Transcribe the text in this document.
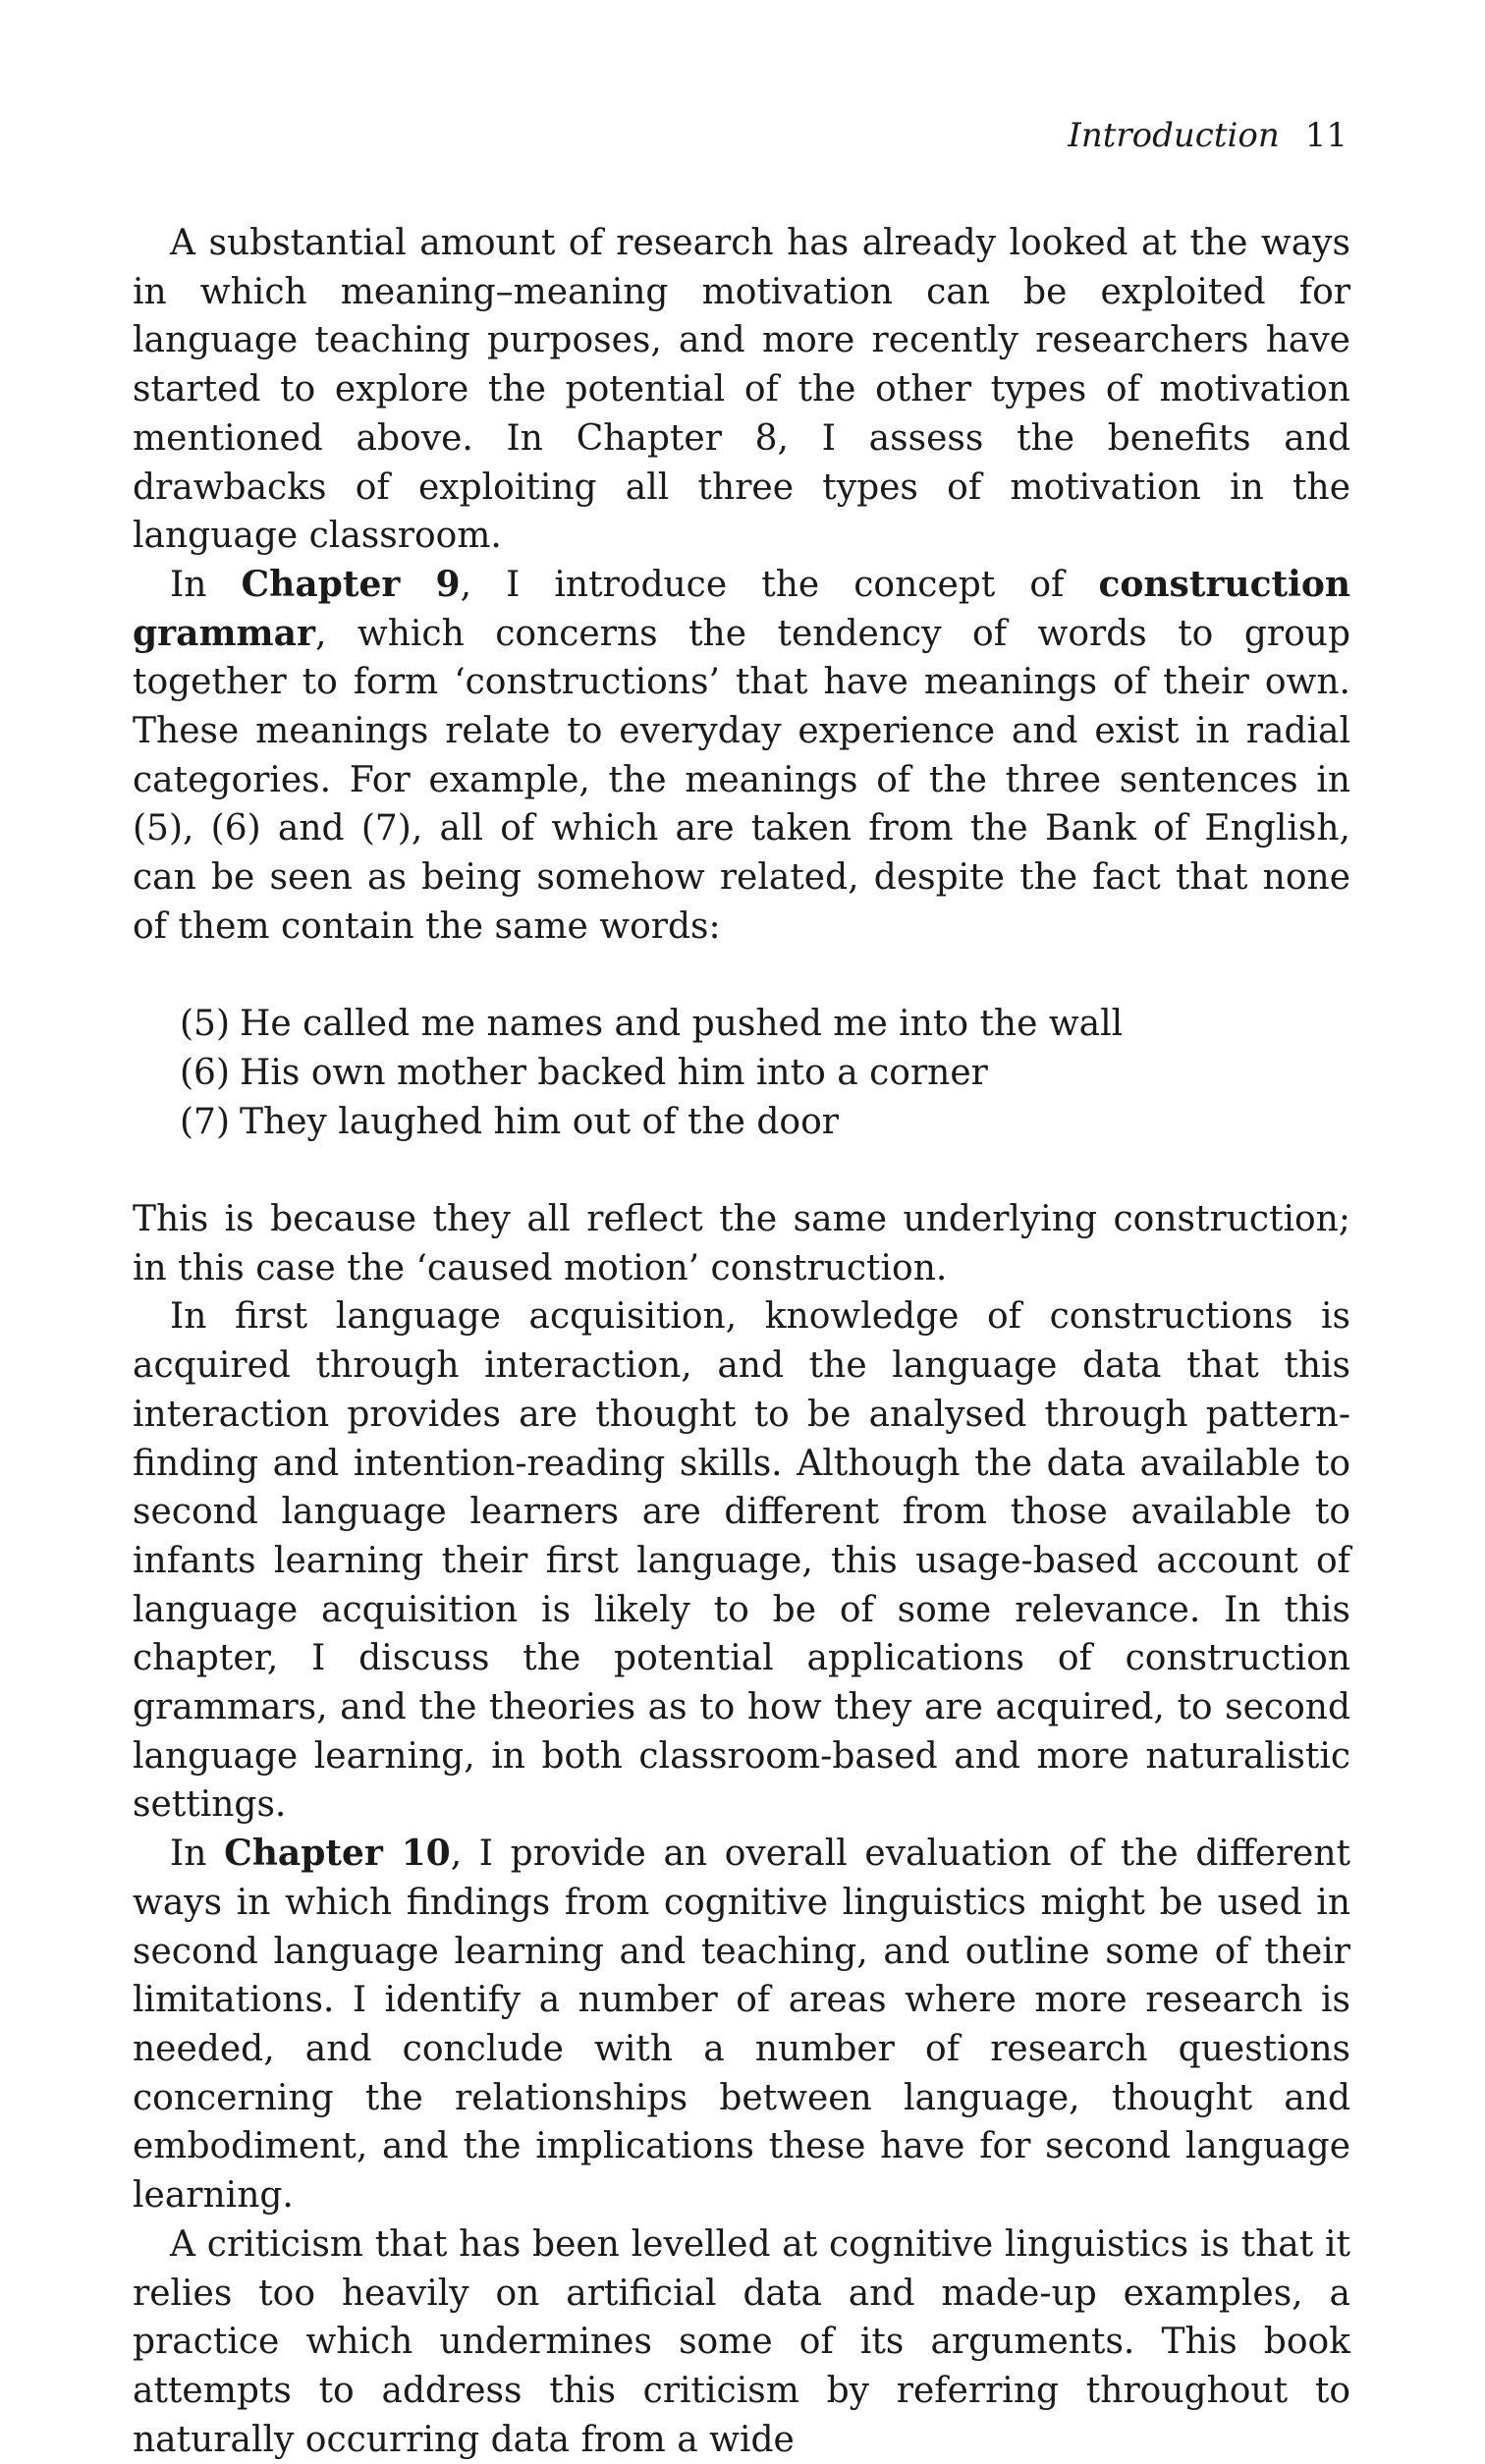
Introduction 11

A substantial amount of research has already looked at the ways in which meaning–meaning motivation can be exploited for language teaching purposes, and more recently researchers have started to explore the potential of the other types of motivation mentioned above. In Chapter 8, I assess the benefits and drawbacks of exploiting all three types of motivation in the language classroom.

In Chapter 9, I introduce the concept of construction grammar, which concerns the tendency of words to group together to form ‘constructions’ that have meanings of their own. These meanings relate to everyday experience and exist in radial categories. For example, the meanings of the three sentences in (5), (6) and (7), all of which are taken from the Bank of English, can be seen as being somehow related, despite the fact that none of them contain the same words:

(5) He called me names and pushed me into the wall
(6) His own mother backed him into a corner
(7) They laughed him out of the door

This is because they all reflect the same underlying construction; in this case the ‘caused motion’ construction.

In first language acquisition, knowledge of constructions is acquired through interaction, and the language data that this interaction provides are thought to be analysed through pattern-finding and intention-reading skills. Although the data available to second language learners are different from those available to infants learning their first language, this usage-based account of language acquisition is likely to be of some relevance. In this chapter, I discuss the potential applications of construction grammars, and the theories as to how they are acquired, to second language learning, in both classroom-based and more naturalistic settings.

In Chapter 10, I provide an overall evaluation of the different ways in which findings from cognitive linguistics might be used in second language learning and teaching, and outline some of their limitations. I identify a number of areas where more research is needed, and conclude with a number of research questions concerning the relationships between language, thought and embodiment, and the implications these have for second language learning.

A criticism that has been levelled at cognitive linguistics is that it relies too heavily on artificial data and made-up examples, a practice which undermines some of its arguments. This book attempts to address this criticism by referring throughout to naturally occurring data from a wide
